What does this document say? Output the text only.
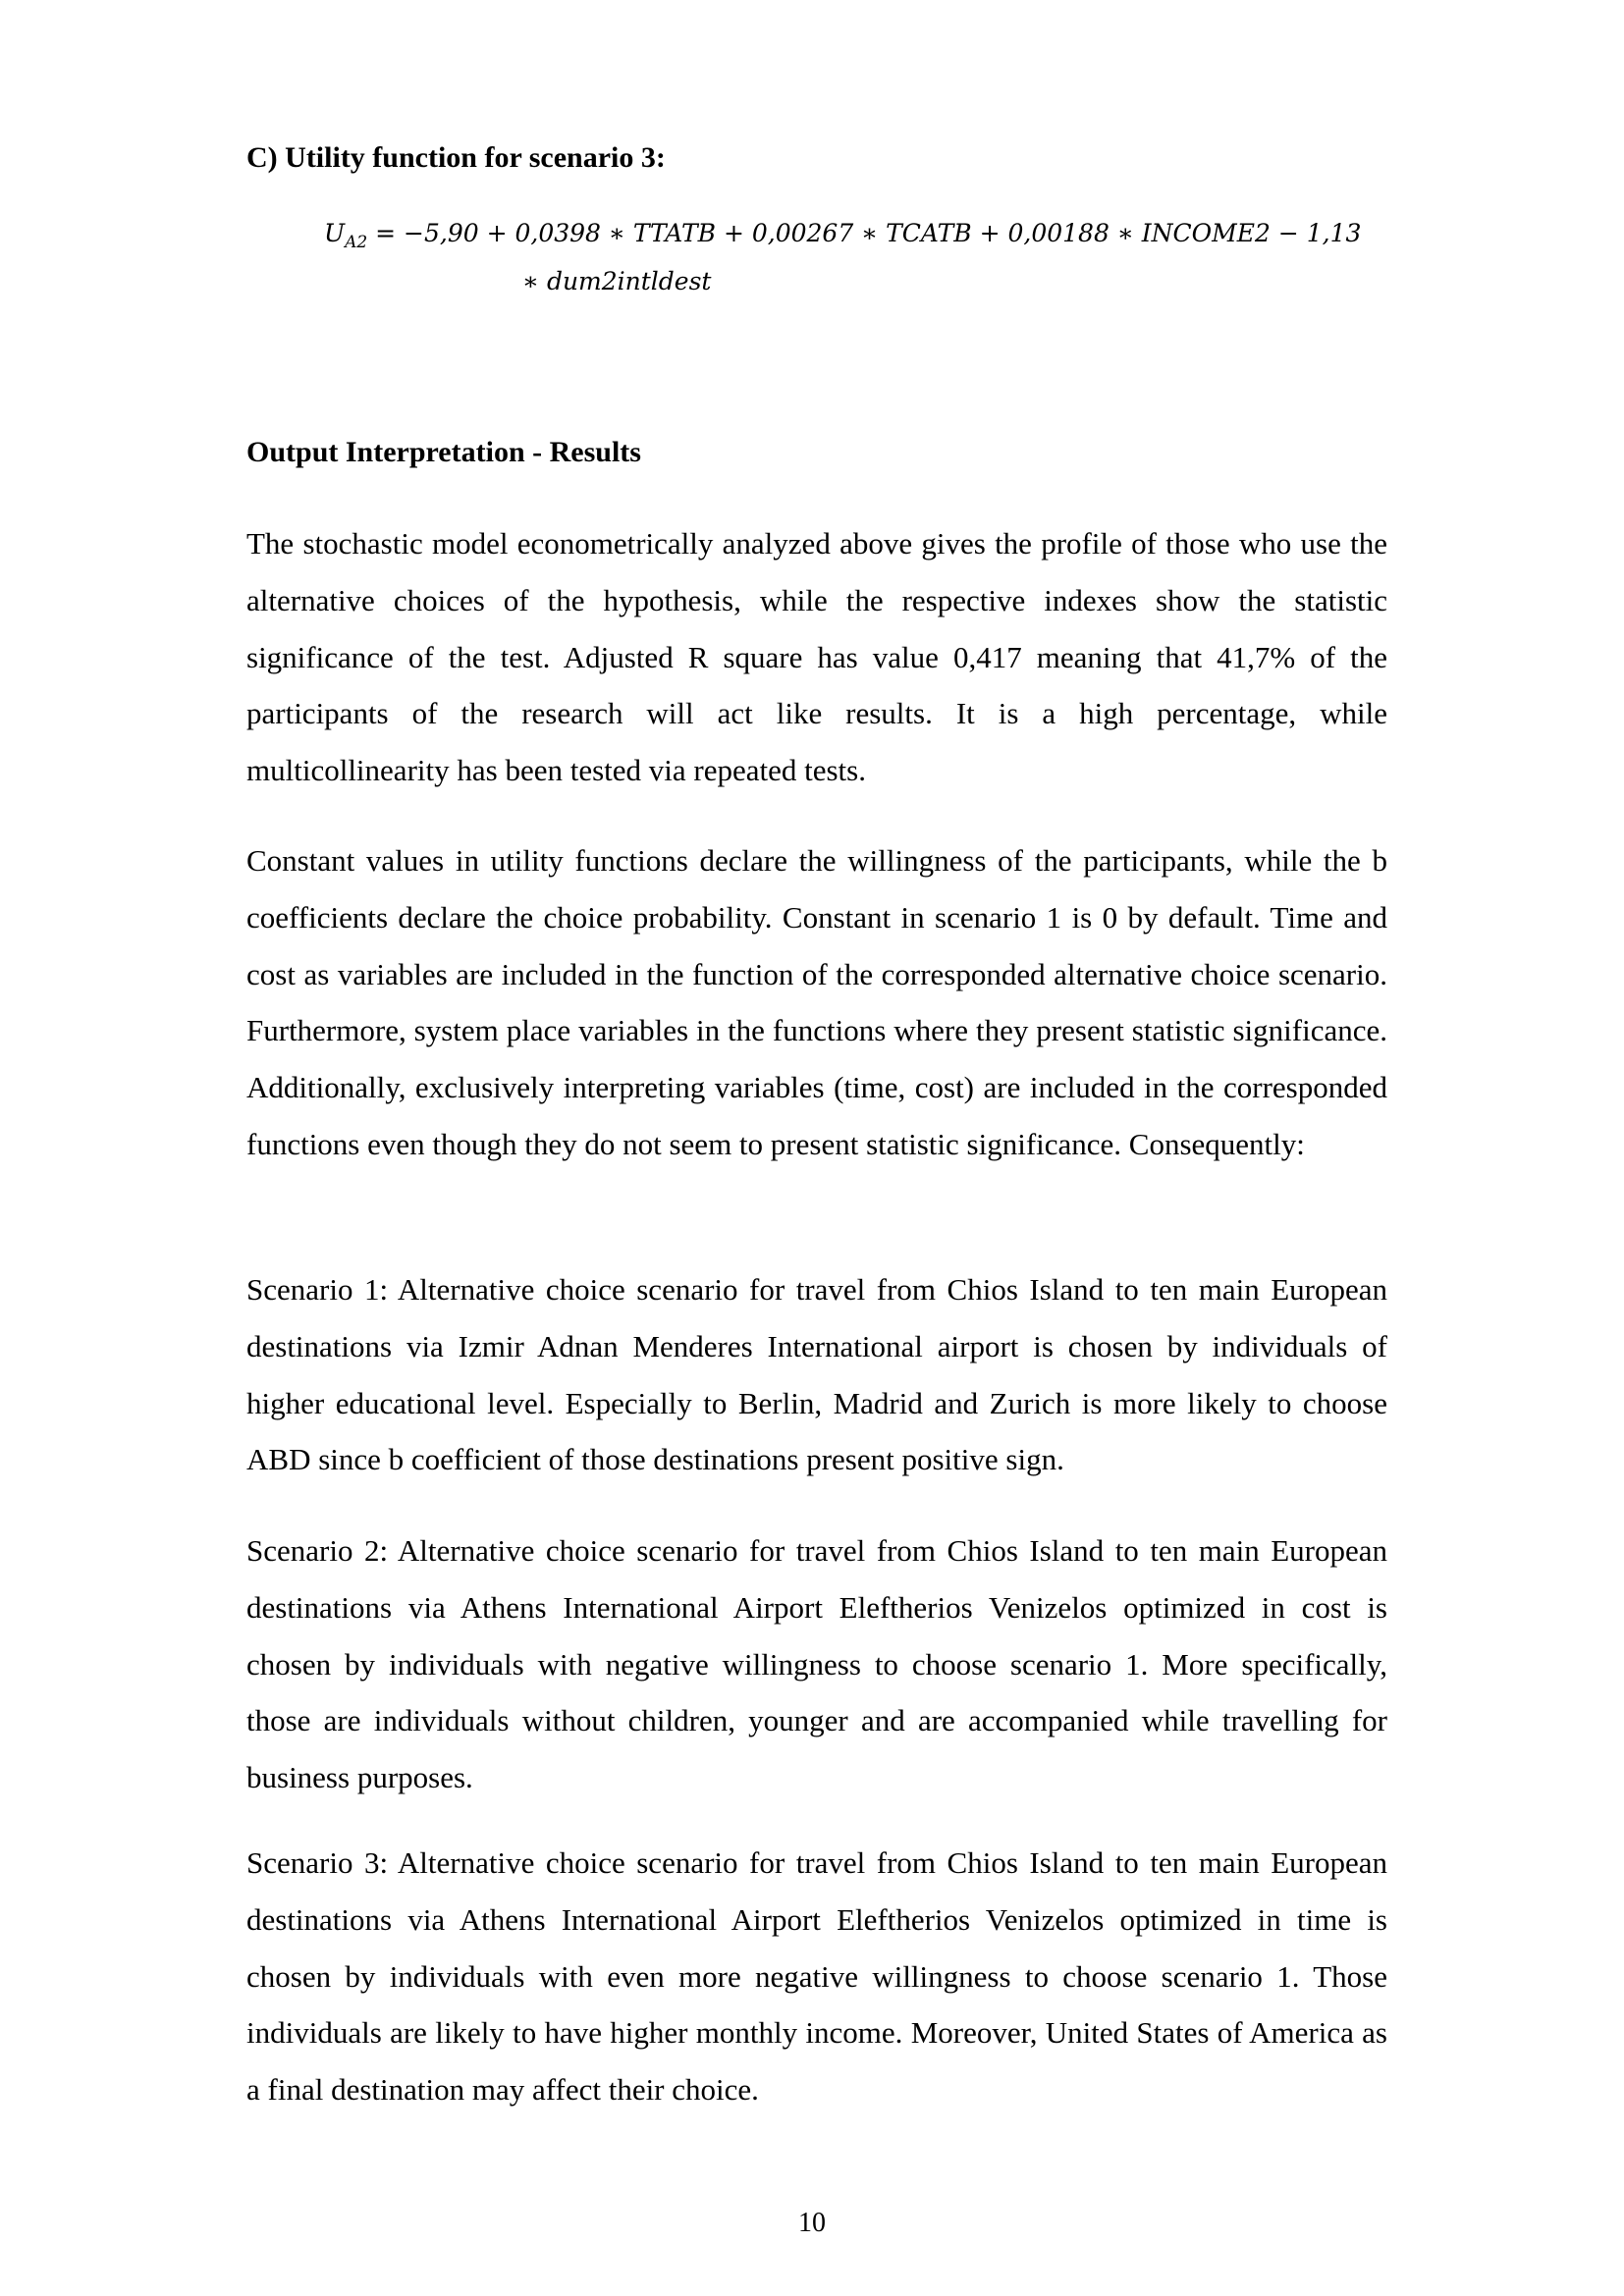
C) Utility function for scenario 3:
$U_{A2} = -5,90 + 0,0398$ ∗ TTATB + 0,00267 ∗ TCATB + 0,00188 ∗ INCOME2 − 1,13
∗ dum2intldest
Output Interpretation - Results

The stochastic model econometrically analyzed above gives the profile of those who use the alternative choices of the hypothesis, while the respective indexes show the statistic significance of the test. Adjusted R square has value 0,417 meaning that 41,7% of the participants of the research will act like results. It is a high percentage, while multicollinearity has been tested via repeated tests.

Constant values in utility functions declare the willingness of the participants, while the b coefficients declare the choice probability. Constant in scenario 1 is 0 by default. Time and cost as variables are included in the function of the corresponded alternative choice scenario. Furthermore, system place variables in the functions where they present statistic significance. Additionally, exclusively interpreting variables (time, cost) are included in the corresponded functions even though they do not seem to present statistic significance. Consequently:

Scenario 1: Alternative choice scenario for travel from Chios Island to ten main European destinations via Izmir Adnan Menderes International airport is chosen by individuals of higher educational level. Especially to Berlin, Madrid and Zurich is more likely to choose ABD since b coefficient of those destinations present positive sign.

Scenario 2: Alternative choice scenario for travel from Chios Island to ten main European destinations via Athens International Airport Eleftherios Venizelos optimized in cost is chosen by individuals with negative willingness to choose scenario 1. More specifically, those are individuals without children, younger and are accompanied while travelling for business purposes.

Scenario 3: Alternative choice scenario for travel from Chios Island to ten main European destinations via Athens International Airport Eleftherios Venizelos optimized in time is chosen by individuals with even more negative willingness to choose scenario 1. Those individuals are likely to have higher monthly income. Moreover, United States of America as a final destination may affect their choice.

10
